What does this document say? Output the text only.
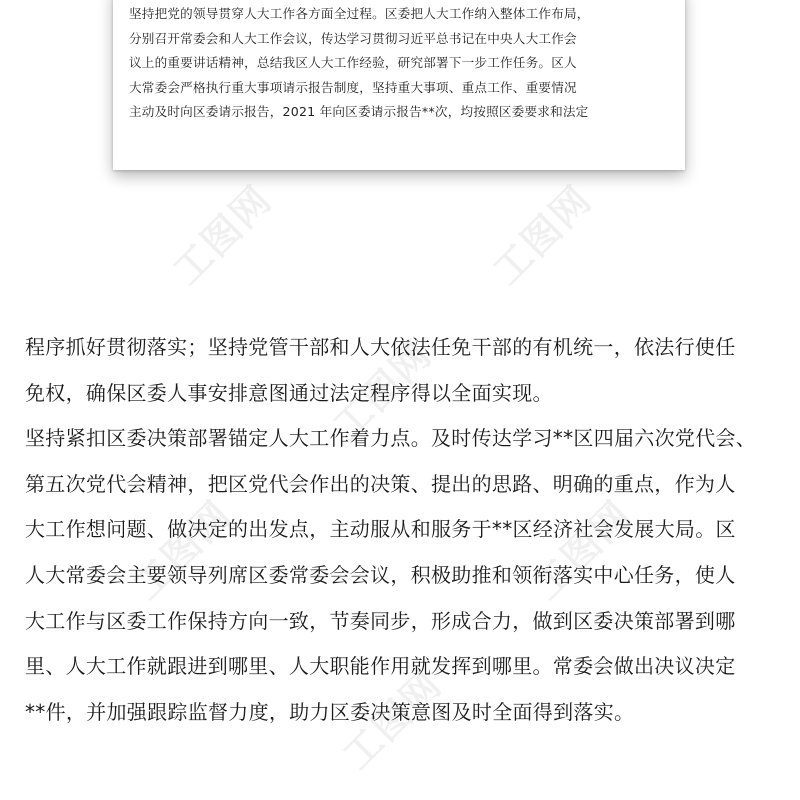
工图网	工图网
工图网
工图网	工图网
工图网
坚持把党的领导贯穿人大工作各方面全过程。区委把人大工作纳入整体工作布局，
分别召开常委会和人大工作会议，传达学习贯彻习近平总书记在中央人大工作会
议上的重要讲话精神，总结我区人大工作经验，研究部署下一步工作任务。区人
大常委会严格执行重大事项请示报告制度，坚持重大事项、重点工作、重要情况
主动及时向区委请示报告，2021 年向区委请示报告**次，均按照区委要求和法定
程序抓好贯彻落实；坚持党管干部和人大依法任免干部的有机统一，依法行使任
免权，确保区委人事安排意图通过法定程序得以全面实现。
坚持紧扣区委决策部署锚定人大工作着力点。及时传达学习**区四届六次党代会、
第五次党代会精神，把区党代会作出的决策、提出的思路、明确的重点，作为人
大工作想问题、做决定的出发点，主动服从和服务于**区经济社会发展大局。区
人大常委会主要领导列席区委常委会会议，积极助推和领衔落实中心任务，使人
大工作与区委工作保持方向一致，节奏同步，形成合力，做到区委决策部署到哪
里、人大工作就跟进到哪里、人大职能作用就发挥到哪里。常委会做出决议决定
**件，并加强跟踪监督力度，助力区委决策意图及时全面得到落实。
